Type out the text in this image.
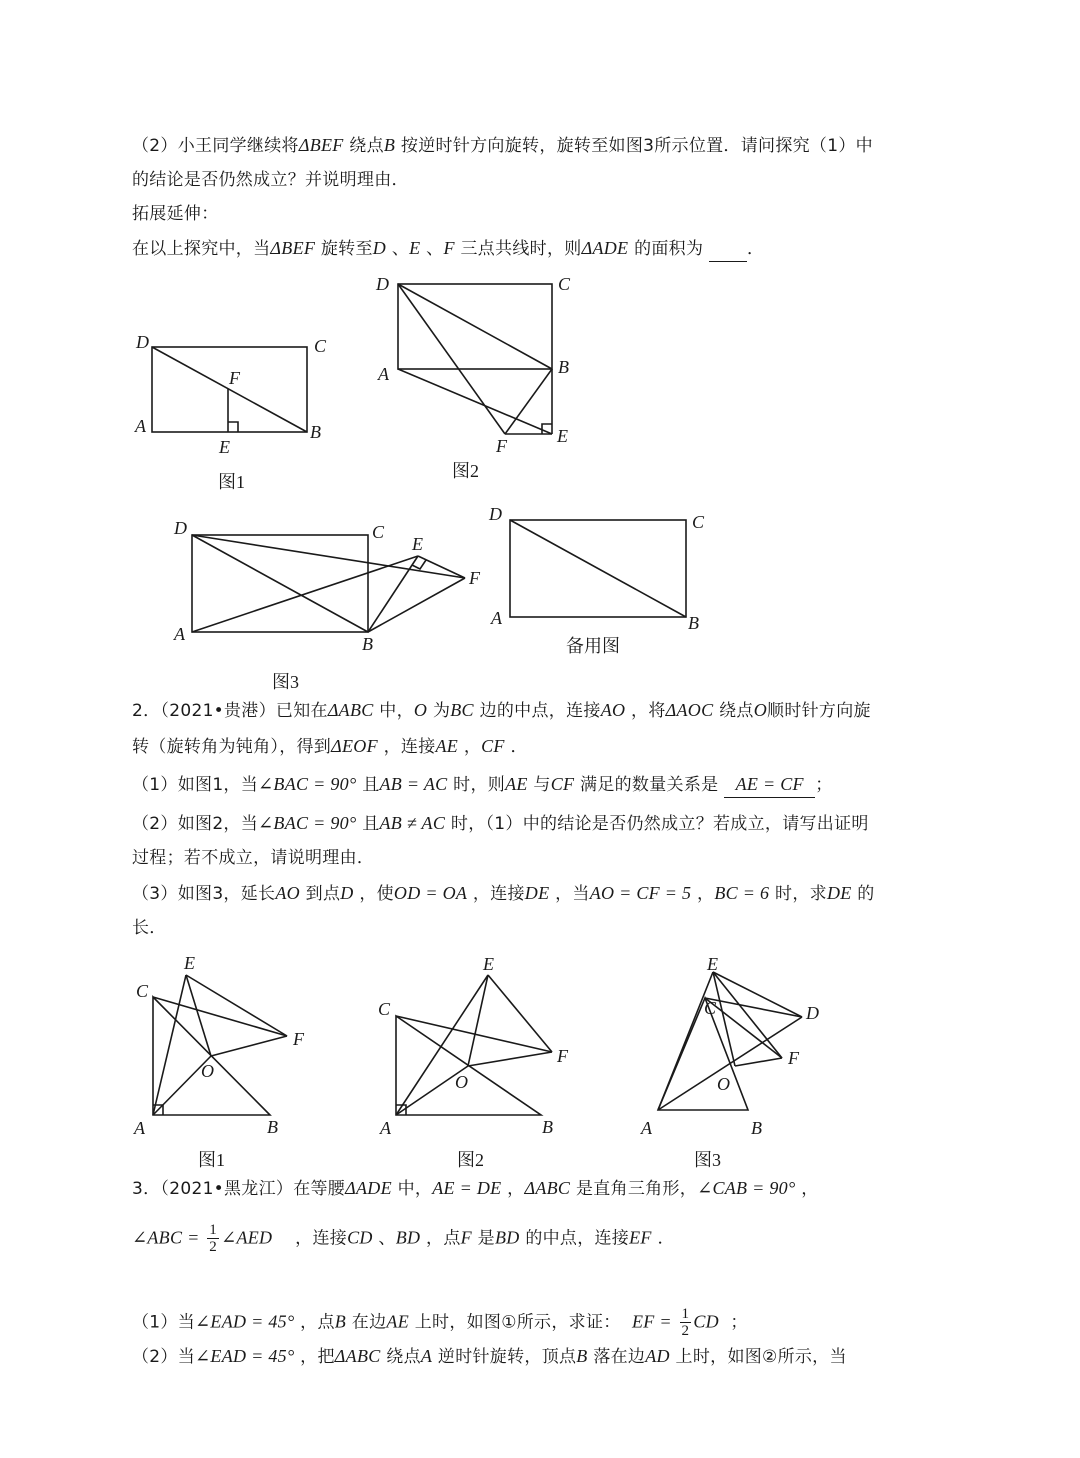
（2）小王同学继续将ΔBEF 绕点B 按逆时针方向旋转，旋转至如图3所示位置．请问探究（1）中
的结论是否仍然成立？并说明理由．
拓展延伸：
在以上探究中，当ΔBEF 旋转至D 、E 、F 三点共线时，则ΔADE 的面积为	．
2．（2021•贵港）已知在ΔABC 中，O 为BC 边的中点，连接AO ，将ΔAOC 绕点O顺时针方向旋
转（旋转角为钝角），得到ΔEOF ，连接AE ，CF ．
（1）如图1，当∠BAC = 90° 且AB = AC 时，则AE 与CF 满足的数量关系是 AE = CF ；
（2）如图2，当∠BAC = 90° 且AB ≠ AC 时，（1）中的结论是否仍然成立？若成立，请写出证明
过程；若不成立，请说明理由．
（3）如图3，延长AO 到点D ，使OD = OA ，连接DE ，当AO = CF = 5 ，BC = 6 时，求DE 的
长．
3．（2021•黑龙江）在等腰ΔADE 中，AE = DE ，ΔABC 是直角三角形，∠CAB = 90° ，
∠ABC = $\frac{1}{2}$ ∠AED ，连接CD 、BD ，点F 是BD 的中点，连接EF ．
（1）当∠EAD = 45° ，点B 在边AE 上时，如图①所示，求证： EF = $\frac{1}{2}$ CD ；
（2）当∠EAD = 45° ，把ΔABC 绕点A 逆时针旋转，顶点B 落在边AD 上时，如图②所示，当
D	C
F
A
E
B
图1
D	C
A	B
F	E
图2
D	C
E
F
A	B
图3
D	C
A	B
备用图
E
C
F
O
A	B
图1
E
C
F
O
A	B
图2
E
C	D
F
O
A	B
图3
